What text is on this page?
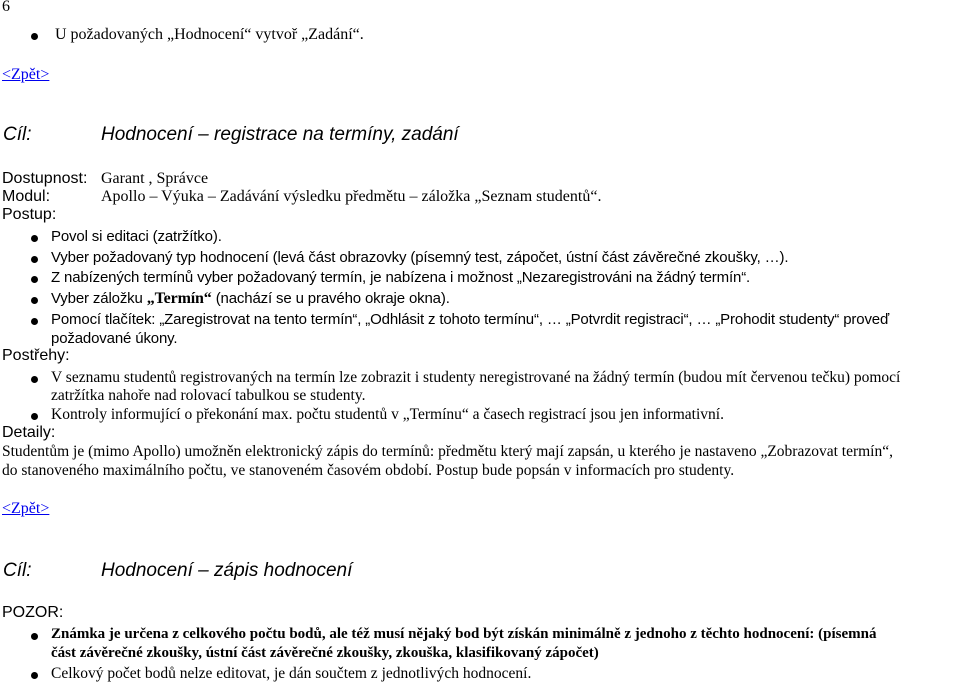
6
U požadovaných „Hodnocení“ vytvoř „Zadání“.
<Zpět>
Cíl:	Hodnocení – registrace na termíny, zadání
Dostupnost: Garant , Správce
Modul:	Apollo – Výuka – Zadávání výsledku předmětu – záložka „Seznam studentů“.
Postup:
Povol si editaci (zatržítko).
Vyber požadovaný typ hodnocení (levá část obrazovky (písemný test, zápočet, ústní část závěrečné zkoušky, …).
Z nabízených termínů vyber požadovaný termín, je nabízena i možnost „Nezaregistrováni na žádný termín“.
Vyber záložku „Termín“ (nachází se u pravého okraje okna).
Pomocí tlačítek: „Zaregistrovat na tento termín“, „Odhlásit z tohoto termínu“, … „Potvrdit registraci“, … „Prohodit studenty“ proveď
požadované úkony.
Postřehy:
V seznamu studentů registrovaných na termín lze zobrazit i studenty neregistrované na žádný termín (budou mít červenou tečku) pomocí
zatržítka nahoře nad rolovací tabulkou se studenty.
Kontroly informující o překonání max. počtu studentů v „Termínu“ a časech registrací jsou jen informativní.
Detaily:
Studentům je (mimo Apollo) umožněn elektronický zápis do termínů: předmětu který mají zapsán, u kterého je nastaveno „Zobrazovat termín“,
do stanoveného maximálního počtu, ve stanoveném časovém období. Postup bude popsán v informacích pro studenty.
<Zpět>
Cíl:	Hodnocení – zápis hodnocení
POZOR:
Známka je určena z celkového počtu bodů, ale též musí nějaký bod být získán minimálně z jednoho z těchto hodnocení: (písemná
část závěrečné zkoušky, ústní část závěrečné zkoušky, zkouška, klasifikovaný zápočet)
Celkový počet bodů nelze editovat, je dán součtem z jednotlivých hodnocení.
